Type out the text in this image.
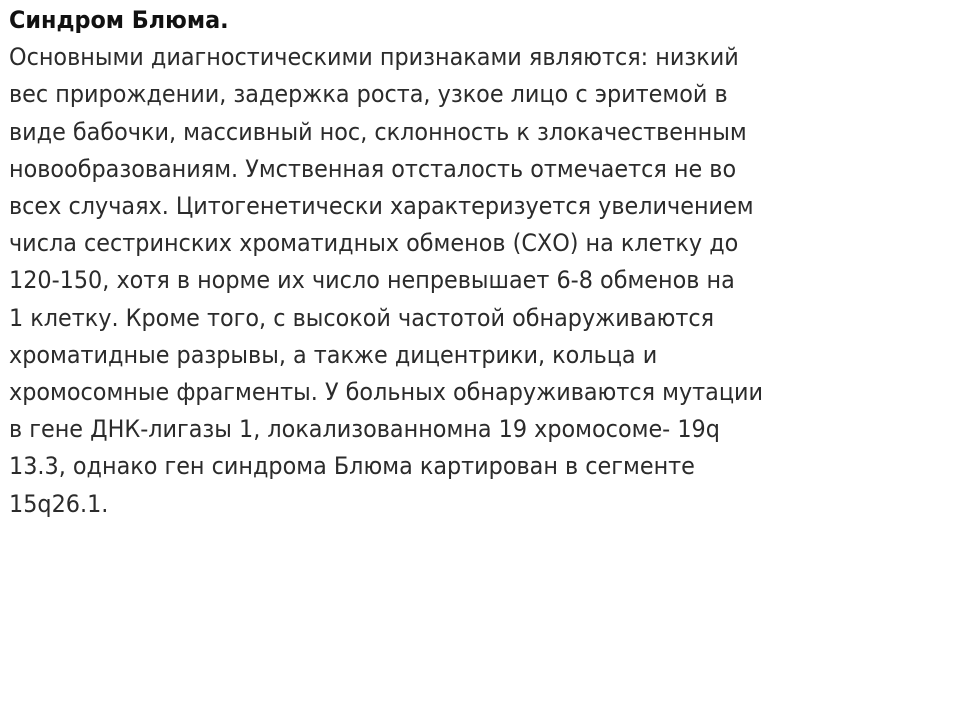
Синдром Блюма.
Основными диагностическими признаками являются: низкий
вес прирождении, задержка роста, узкое лицо с эритемой в
виде бабочки, массивный нос, склонность к злокачественным
новообразованиям. Умственная отсталость отмечается не во
всех случаях. Цитогенетически характеризуется увеличением
числа сестринских хроматидных обменов (СХО) на клетку до
120-150, хотя в норме их число непревышает 6-8 обменов на
1 клетку. Кроме того, с высокой частотой обнаруживаются
хроматидные разрывы, а также дицентрики, кольца и
хромосомные фрагменты. У больных обнаруживаются мутации
в гене ДНК-лигазы 1, локализованномна 19 хромосоме- 19q
13.3, однако ген синдрома Блюма картирован в сегменте
15q26.1.
